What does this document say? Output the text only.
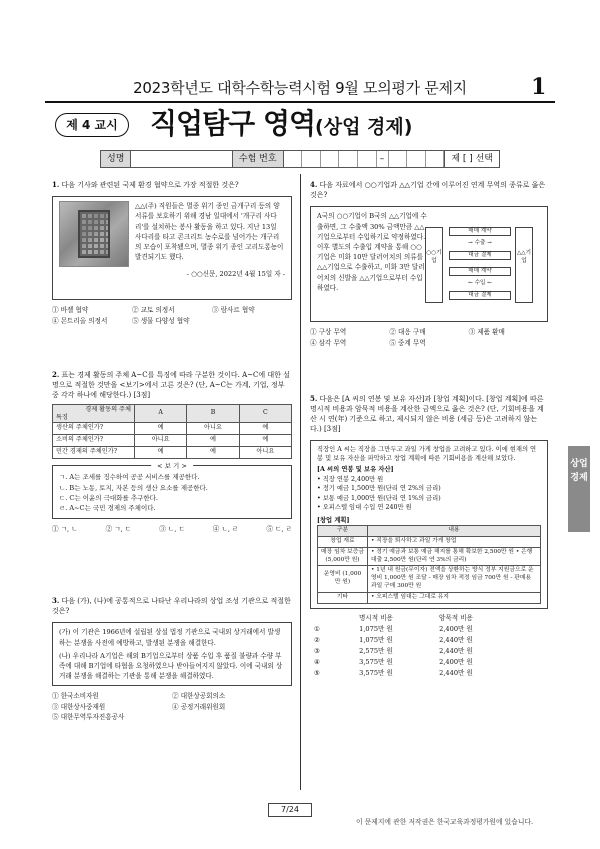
2023학년도 대학수학능력시험 9월 모의평가 문제지	1
제 4 교시	직업탐구 영역(상업 경제)
성명	수험 번호	–	제 [ ] 선택
1. 다음 기사와 관련된 국제 환경 협약으로 가장 적절한 것은?
△△(주) 직원들은 멸종 위기 종인 금개구리 등의 양서류를 보호하기 위해 경남 일대에서 '개구리 사다리'를 설치하는 봉사 활동을 하고 있다. 지난 13일 사다리를 타고 콘크리트 농수로를 넘어가는 개구리의 모습이 포착됐으며, 멸종 위기 종인 고리도롱뇽이 발견되기도 했다.
- ○○신문, 2022년 4월 15일 자 -
① 바젤 협약	② 교토 의정서	③ 람사르 협약
④ 몬트리올 의정서	⑤ 생물 다양성 협약
2. 표는 경제 활동의 주체 A~C를 특징에 따라 구분한 것이다. A~C에 대한 설명으로 적절한 것만을 <보기>에서 고른 것은? (단, A~C는 가계, 기업, 정부 중 각각 하나에 해당한다.) [3점]
경제 활동의 주체

특징	A	B	C
생산의 주체인가?	예	아니요	예
소비의 주체인가?	아니요	예	예
민간 경제의 주체인가?	예	예	아니요
< 보 기 >
ㄱ. A는 조세를 징수하여 공공 서비스를 제공한다.
ㄴ. B는 노동, 토지, 자본 등의 생산 요소를 제공한다.
ㄷ. C는 이윤의 극대화를 추구한다.
ㄹ. A~C는 국민 경제의 주체이다.
① ㄱ, ㄴ	② ㄱ, ㄷ	③ ㄴ, ㄷ	④ ㄴ, ㄹ	⑤ ㄷ, ㄹ
3. 다음 (가), (나)에 공통적으로 나타난 우리나라의 상업 조성 기관으로 적절한 것은?
(가) 이 기관은 1966년에 설립된 상설 법정 기관으로 국내외 상거래에서 발생하는 분쟁을 사전에 예방하고, 발생된 분쟁을 해결한다.
(나) 우리나라 A기업은 해외 B기업으로부터 상품 수입 후 품질 불량과 수량 부족에 대해 B기업에 타협을 요청하였으나 받아들여지지 않았다. 이에 국내외 상거래 분쟁을 해결하는 기관을 통해 분쟁을 해결하였다.
① 한국소비자원	② 대한상공회의소
③ 대한상사중재원	④ 공정거래위원회
⑤ 대한무역투자진흥공사
4. 다음 자료에서 ○○기업과 △△기업 간에 이루어진 연계 무역의 종류로 옳은 것은?
A국의 ○○기업이 B국의 △△기업에 수출하면, 그 수출액 30% 금액만큼 △△기업으로부터 수입하기로 약정하였다. 이후 별도의 수출입 계약을 통해 ○○기업은 미화 10만 달러어치의 의류를 △△기업으로 수출하고, 미화 3만 달러어치의 신발을 △△기업으로부터 수입하였다.
○○기업
△△기업
매매 계약
→ 수출 →
대금 결제
매매 계약
← 수입 ←
대금 결제
① 구상 무역	② 대응 구매	③ 제품 환매
④ 삼각 무역	⑤ 중계 무역
5. 다음은 [A 씨의 연봉 및 보유 자산]과 [창업 계획]이다. [창업 계획]에 따른 명시적 비용과 암묵적 비용을 계산한 금액으로 옳은 것은? (단, 기회비용을 계산 시 연(年) 기준으로 하고, 제시되지 않은 비용 (세금 등)은 고려하지 않는다.) [3점]
직장인 A 씨는 직장을 그만두고 과일 가게 창업을 고려하고 있다. 이에 현재의 연봉 및 보유 자산을 파악하고 창업 계획에 따른 기회비용을 계산해 보았다.
[A 씨의 연봉 및 보유 자산]
• 직장 연봉 2,400만 원
• 정기 예금 1,500만 원(단리 연 2%의 금리)
• 보통 예금 1,000만 원(단리 연 1%의 금리)
• 오피스텔 임대 수입 연 240만 원
[창업 계획]
구분	내용
창업 재료	• 직장을 퇴사하고 과일 가게 창업
매장 임차 보증금 (5,000만 원)	• 정기 예금과 보통 예금 해지를 통해 확보한 2,500만 원 • 은행 대출 2,500만 원(단리 연 3%의 금리)
운영비 (1,000만 원)	• 1년 내 원금(무이자) 전액을 상환하는 방식 정부 지원금으로 운영비 1,000만 원 조달 - 매장 임차 적정 임금 700만 원 - 판매용 과일 구매 300만 원
기타	• 오피스텔 임대는 그대로 유지
명시적 비용	암묵적 비용
①	1,075만 원	2,400만 원
②	1,075만 원	2,440만 원
③	2,575만 원	2,440만 원
④	3,575만 원	2,400만 원
⑤	3,575만 원	2,440만 원
상업 경제
7/24
이 문제지에 관한 저작권은 한국교육과정평가원에 있습니다.
